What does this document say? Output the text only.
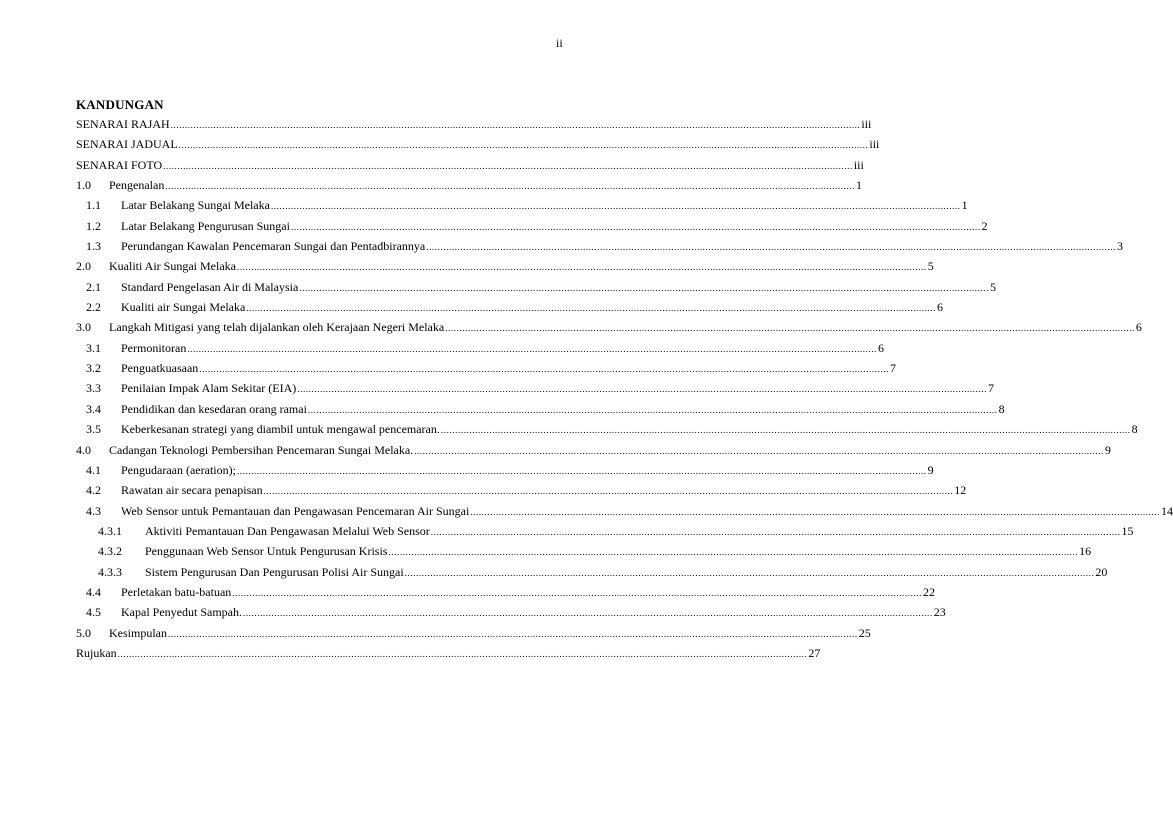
ii
KANDUNGAN
SENARAI RAJAH .....	iii
SENARAI JADUAL .....	iii
SENARAI FOTO .....	iii
1.0	Pengenalan .....	1
1.1	Latar Belakang Sungai Melaka .....	1
1.2	Latar Belakang Pengurusan Sungai .....	2
1.3	Perundangan Kawalan Pencemaran Sungai dan Pentadbirannya .....	3
2.0	Kualiti Air Sungai Melaka .....	5
2.1	Standard Pengelasan Air di Malaysia .....	5
2.2	Kualiti air Sungai Melaka .....	6
3.0	Langkah Mitigasi yang telah dijalankan oleh Kerajaan Negeri Melaka .....	6
3.1	Permonitoran .....	6
3.2	Penguatkuasaan .....	7
3.3	Penilaian Impak Alam Sekitar (EIA) .....	7
3.4	Pendidikan dan kesedaran orang ramai .....	8
3.5	Keberkesanan strategi yang diambil untuk mengawal pencemaran. .....	8
4.0	Cadangan Teknologi Pembersihan Pencemaran Sungai Melaka. .....	9
4.1	Pengudaraan (aeration); .....	9
4.2	Rawatan air secara penapisan .....	12
4.3	Web Sensor untuk Pemantauan dan Pengawasan Pencemaran Air Sungai .....	14
4.3.1	Aktiviti Pemantauan Dan Pengawasan Melalui Web Sensor .....	15
4.3.2	Penggunaan Web Sensor Untuk Pengurusan Krisis .....	16
4.3.3	Sistem Pengurusan Dan Pengurusan Polisi Air Sungai .....	20
4.4	Perletakan batu-batuan .....	22
4.5	Kapal Penyedut Sampah. .....	23
5.0	Kesimpulan .....	25
Rujukan .....	27
